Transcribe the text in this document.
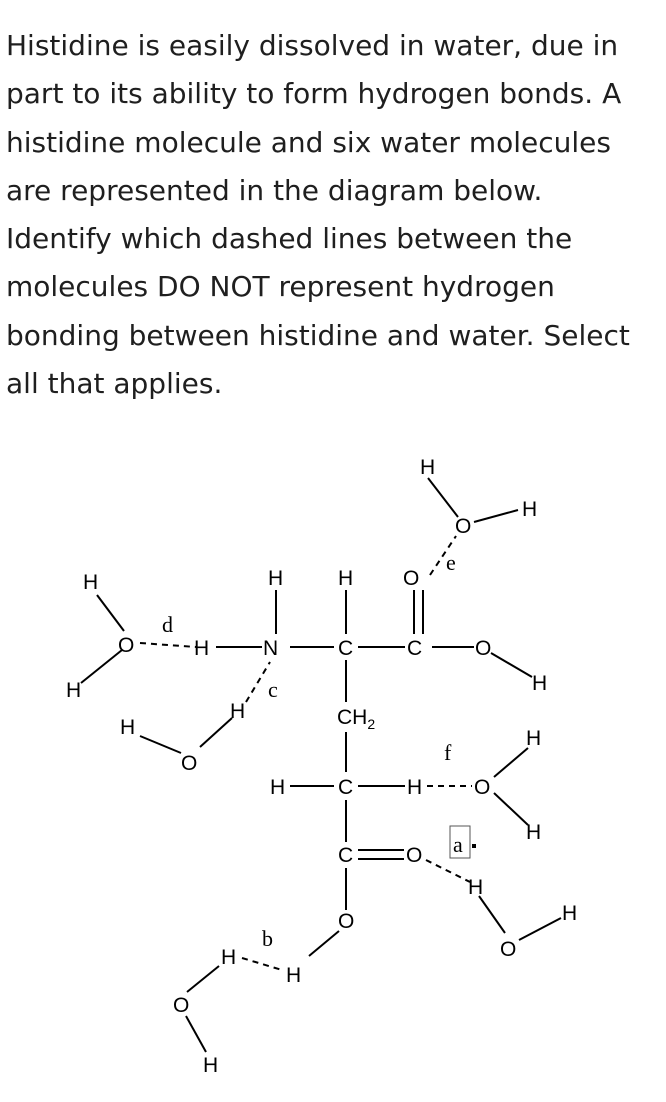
Histidine is easily dissolved in water, due in part to its ability to form hydrogen bonds. A histidine molecule and six water molecules are represented in the diagram below. Identify which dashed lines between the molecules DO NOT represent hydrogen bonding between histidine and water. Select all that applies.

H	N
H
C
H
C
O
O
H
$CH_2$
H	C	H
C	O
O
H
H
O
H
H
O
H
H
O
H
H
O
H
H
O
H
H
O
H
d
e
c
f
a
b
